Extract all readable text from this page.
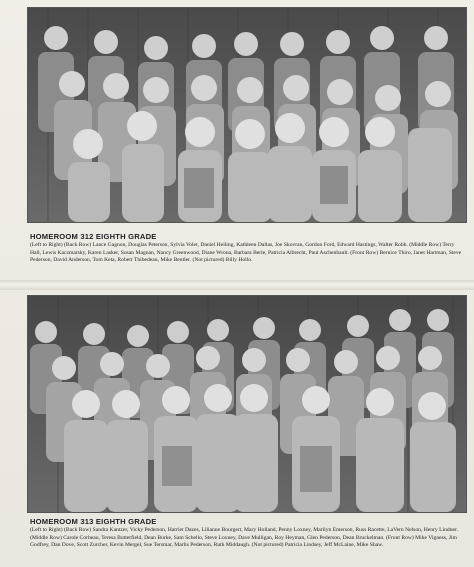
HOMEROOM 312 EIGHTH GRADE

(Left to Right) (Back Row) Lance Gagnon, Douglas Peterson, Sylvia Volet, Daniel Heiling, Kathleen Dallas, Joe Skovran, Gordon Ford, Edward Hastings, Walter Robb. (Middle Row) Terry Hall, Lewis Kaczmarsky, Karen Lasker, Susan Magnan, Nancy Greenwood, Diane Wrona, Barbara Berle, Patricia Albrecht, Paul Aschenbault. (Front Row) Bernice Thiro, Janet Hartman, Steve Pederson, David Anderson, Tom Keta, Robert Thibedeau, Mike Bentler. (Not pictured) Billy Hollo.

HOMEROOM 313 EIGHTH GRADE

(Left to Right) (Back Row) Sandra Kantzer, Vicky Pederson, Harriet Dazes, Lilianne Bourgert, Mary Holland, Penny Loxney, Marilyn Emerson, Russ Racette, LaVern Nelson, Henry Lindner. (Middle Row) Carole Corbeau, Teresa Butterfield, Dean Burke, Sam Schello, Steve Loxney, Dave Mulligan, Roy Heyman, Glen Pederson, Dean Bruckelman. (Front Row) Mike Vigness, Jim Godfrey, Dan Dove, Scott Zurcher, Kevin Mergel, Sue Tersmar, Marlis Pederson, Ruth Middaugh. (Not pictured) Patricia Lindsey, Jeff McLaine, Mike Shaw.
